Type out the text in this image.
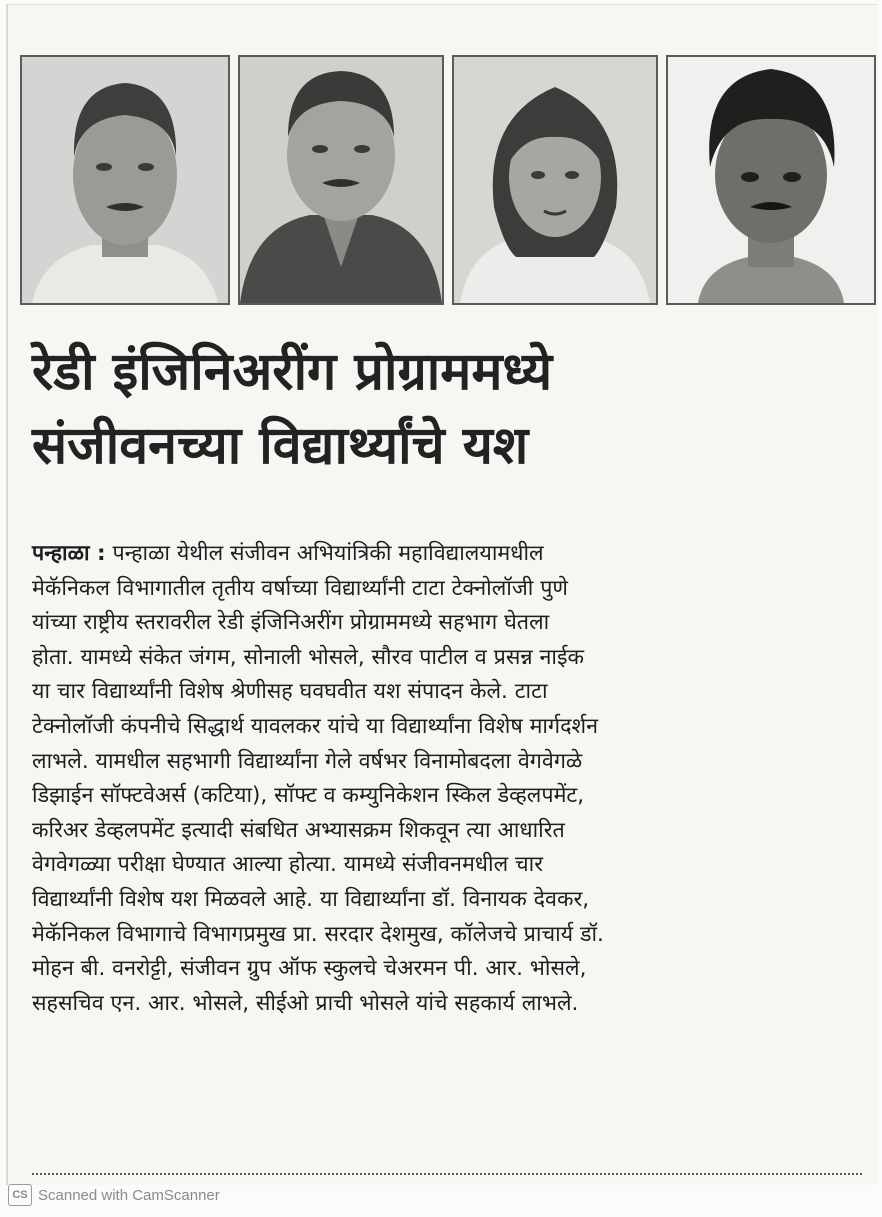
रेडी इंजिनिअरींग प्रोग्राममध्ये
संजीवनच्या विद्यार्थ्यांचे यश
पन्हाळा : पन्हाळा येथील संजीवन अभियांत्रिकी महाविद्यालयामधील
मेकॅनिकल विभागातील तृतीय वर्षाच्या विद्यार्थ्यांनी टाटा टेक्नोलॉजी पुणे
यांच्या राष्ट्रीय स्तरावरील रेडी इंजिनिअरींग प्रोग्राममध्ये सहभाग घेतला
होता. यामध्ये संकेत जंगम, सोनाली भोसले, सौरव पाटील व प्रसन्न नाईक
या चार विद्यार्थ्यांनी विशेष श्रेणीसह घवघवीत यश संपादन केले. टाटा
टेक्नोलॉजी कंपनीचे सिद्धार्थ यावलकर यांचे या विद्यार्थ्यांना विशेष मार्गदर्शन
लाभले. यामधील सहभागी विद्यार्थ्यांना गेले वर्षभर विनामोबदला वेगवेगळे
डिझाईन सॉफ्टवेअर्स (कटिया), सॉफ्ट व कम्युनिकेशन स्किल डेव्हलपमेंट,
करिअर डेव्हलपमेंट इत्यादी संबधित अभ्यासक्रम शिकवून त्या आधारित
वेगवेगळ्या परीक्षा घेण्यात आल्या होत्या. यामध्ये संजीवनमधील चार
विद्यार्थ्यांनी विशेष यश मिळवले आहे. या विद्यार्थ्यांना डॉ. विनायक देवकर,
मेकॅनिकल विभागाचे विभागप्रमुख प्रा. सरदार देशमुख, कॉलेजचे प्राचार्य डॉ.
मोहन बी. वनरोट्टी, संजीवन ग्रुप ऑफ स्कुलचे चेअरमन पी. आर. भोसले,
सहसचिव एन. आर. भोसले, सीईओ प्राची भोसले यांचे सहकार्य लाभले.
CS Scanned with CamScanner
